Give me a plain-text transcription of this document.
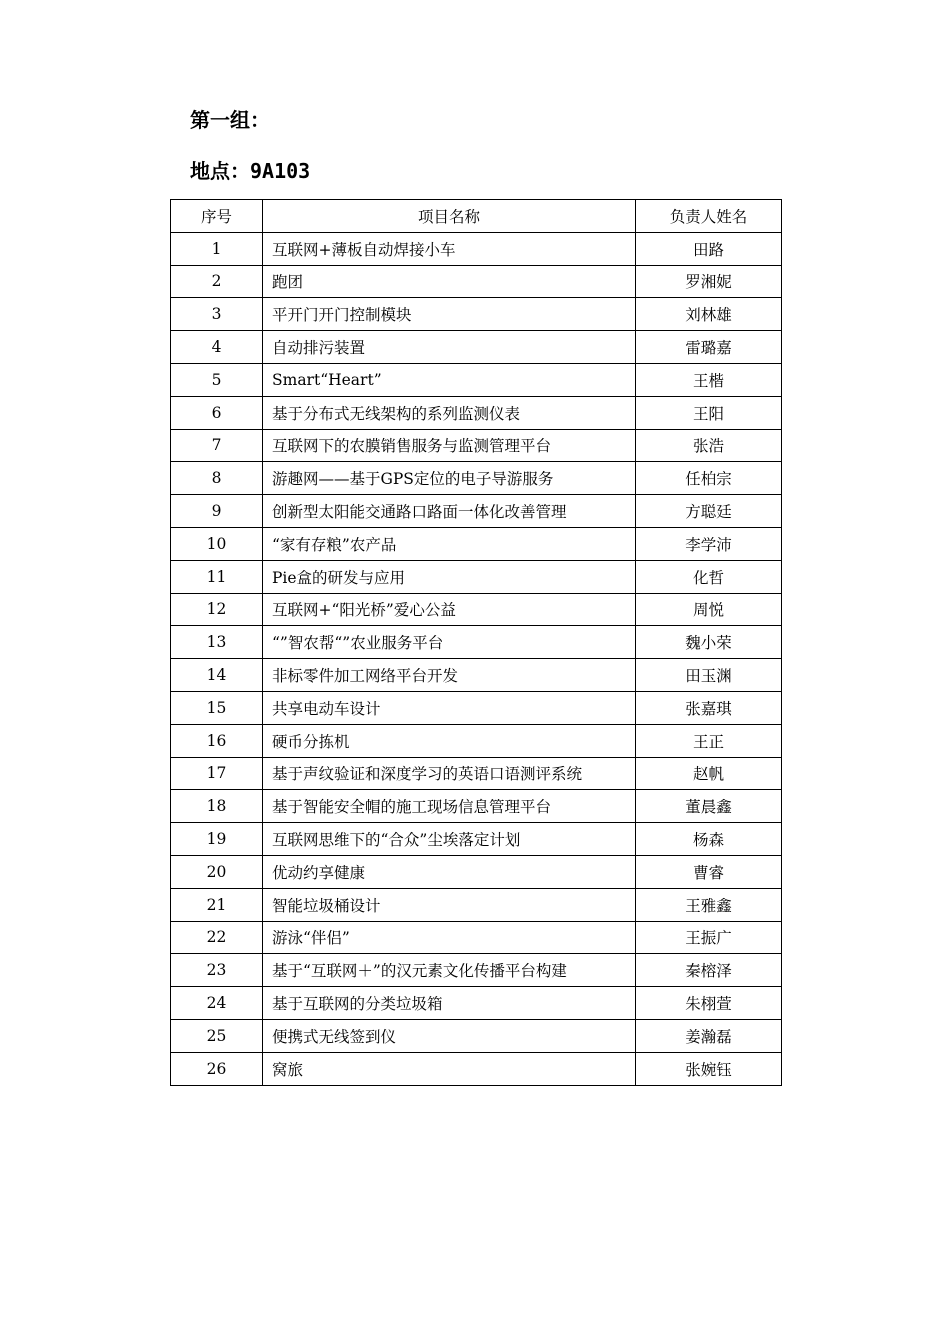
第一组：
地点：9A103
序号	项目名称	负责人姓名
1	互联网+薄板自动焊接小车	田路
2	跑团	罗湘妮
3	平开门开门控制模块	刘林雄
4	自动排污装置	雷璐嘉
5	Smart“Heart”	王楷
6	基于分布式无线架构的系列监测仪表	王阳
7	互联网下的农膜销售服务与监测管理平台	张浩
8	游趣网——基于GPS定位的电子导游服务	任柏宗
9	创新型太阳能交通路口路面一体化改善管理	方聪廷
10	“家有存粮”农产品	李学沛
11	Pie盒的研发与应用	化哲
12	互联网+“阳光桥”爱心公益	周悦
13	“”智农帮“”农业服务平台	魏小荣
14	非标零件加工网络平台开发	田玉渊
15	共享电动车设计	张嘉琪
16	硬币分拣机	王正
17	基于声纹验证和深度学习的英语口语测评系统	赵帆
18	基于智能安全帽的施工现场信息管理平台	董晨鑫
19	互联网思维下的“合众”尘埃落定计划	杨森
20	优动约享健康	曹睿
21	智能垃圾桶设计	王雅鑫
22	游泳“伴侣”	王振广
23	基于“互联网＋”的汉元素文化传播平台构建	秦榕泽
24	基于互联网的分类垃圾箱	朱栩萱
25	便携式无线签到仪	姜瀚磊
26	窝旅	张婉钰
